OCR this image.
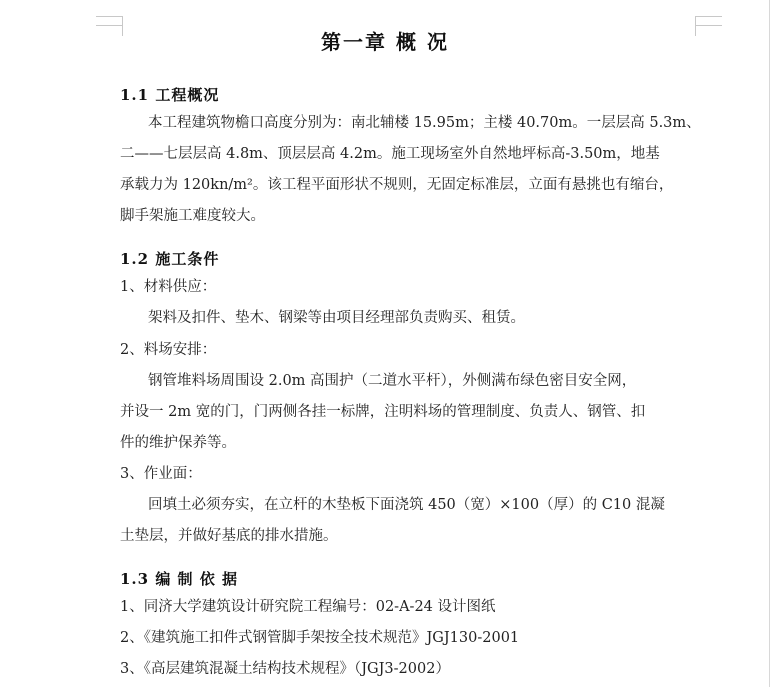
第一章 概 况
1.1 工程概况
本工程建筑物檐口高度分别为：南北辅楼 15.95m；主楼 40.70m。一层层高 5.3m、
二——七层层高 4.8m、顶层层高 4.2m。施工现场室外自然地坪标高-3.50m，地基
承载力为 120kn/m²。该工程平面形状不规则，无固定标准层，立面有悬挑也有缩台，
脚手架施工难度较大。
1.2 施工条件
1、材料供应：
架料及扣件、垫木、钢梁等由项目经理部负责购买、租赁。
2、料场安排：
钢管堆料场周围设 2.0m 高围护（二道水平杆），外侧满布绿色密目安全网，
并设一 2m 宽的门，门两侧各挂一标牌，注明料场的管理制度、负责人、钢管、扣
件的维护保养等。
3、作业面：
回填土必须夯实，在立杆的木垫板下面浇筑 450（宽）×100（厚）的 C10 混凝
土垫层，并做好基底的排水措施。
1.3 编 制 依 据
1、同济大学建筑设计研究院工程编号：02-A-24 设计图纸
2、《建筑施工扣件式钢管脚手架按全技术规范》JGJ130-2001
3、《高层建筑混凝土结构技术规程》（JGJ3-2002）
